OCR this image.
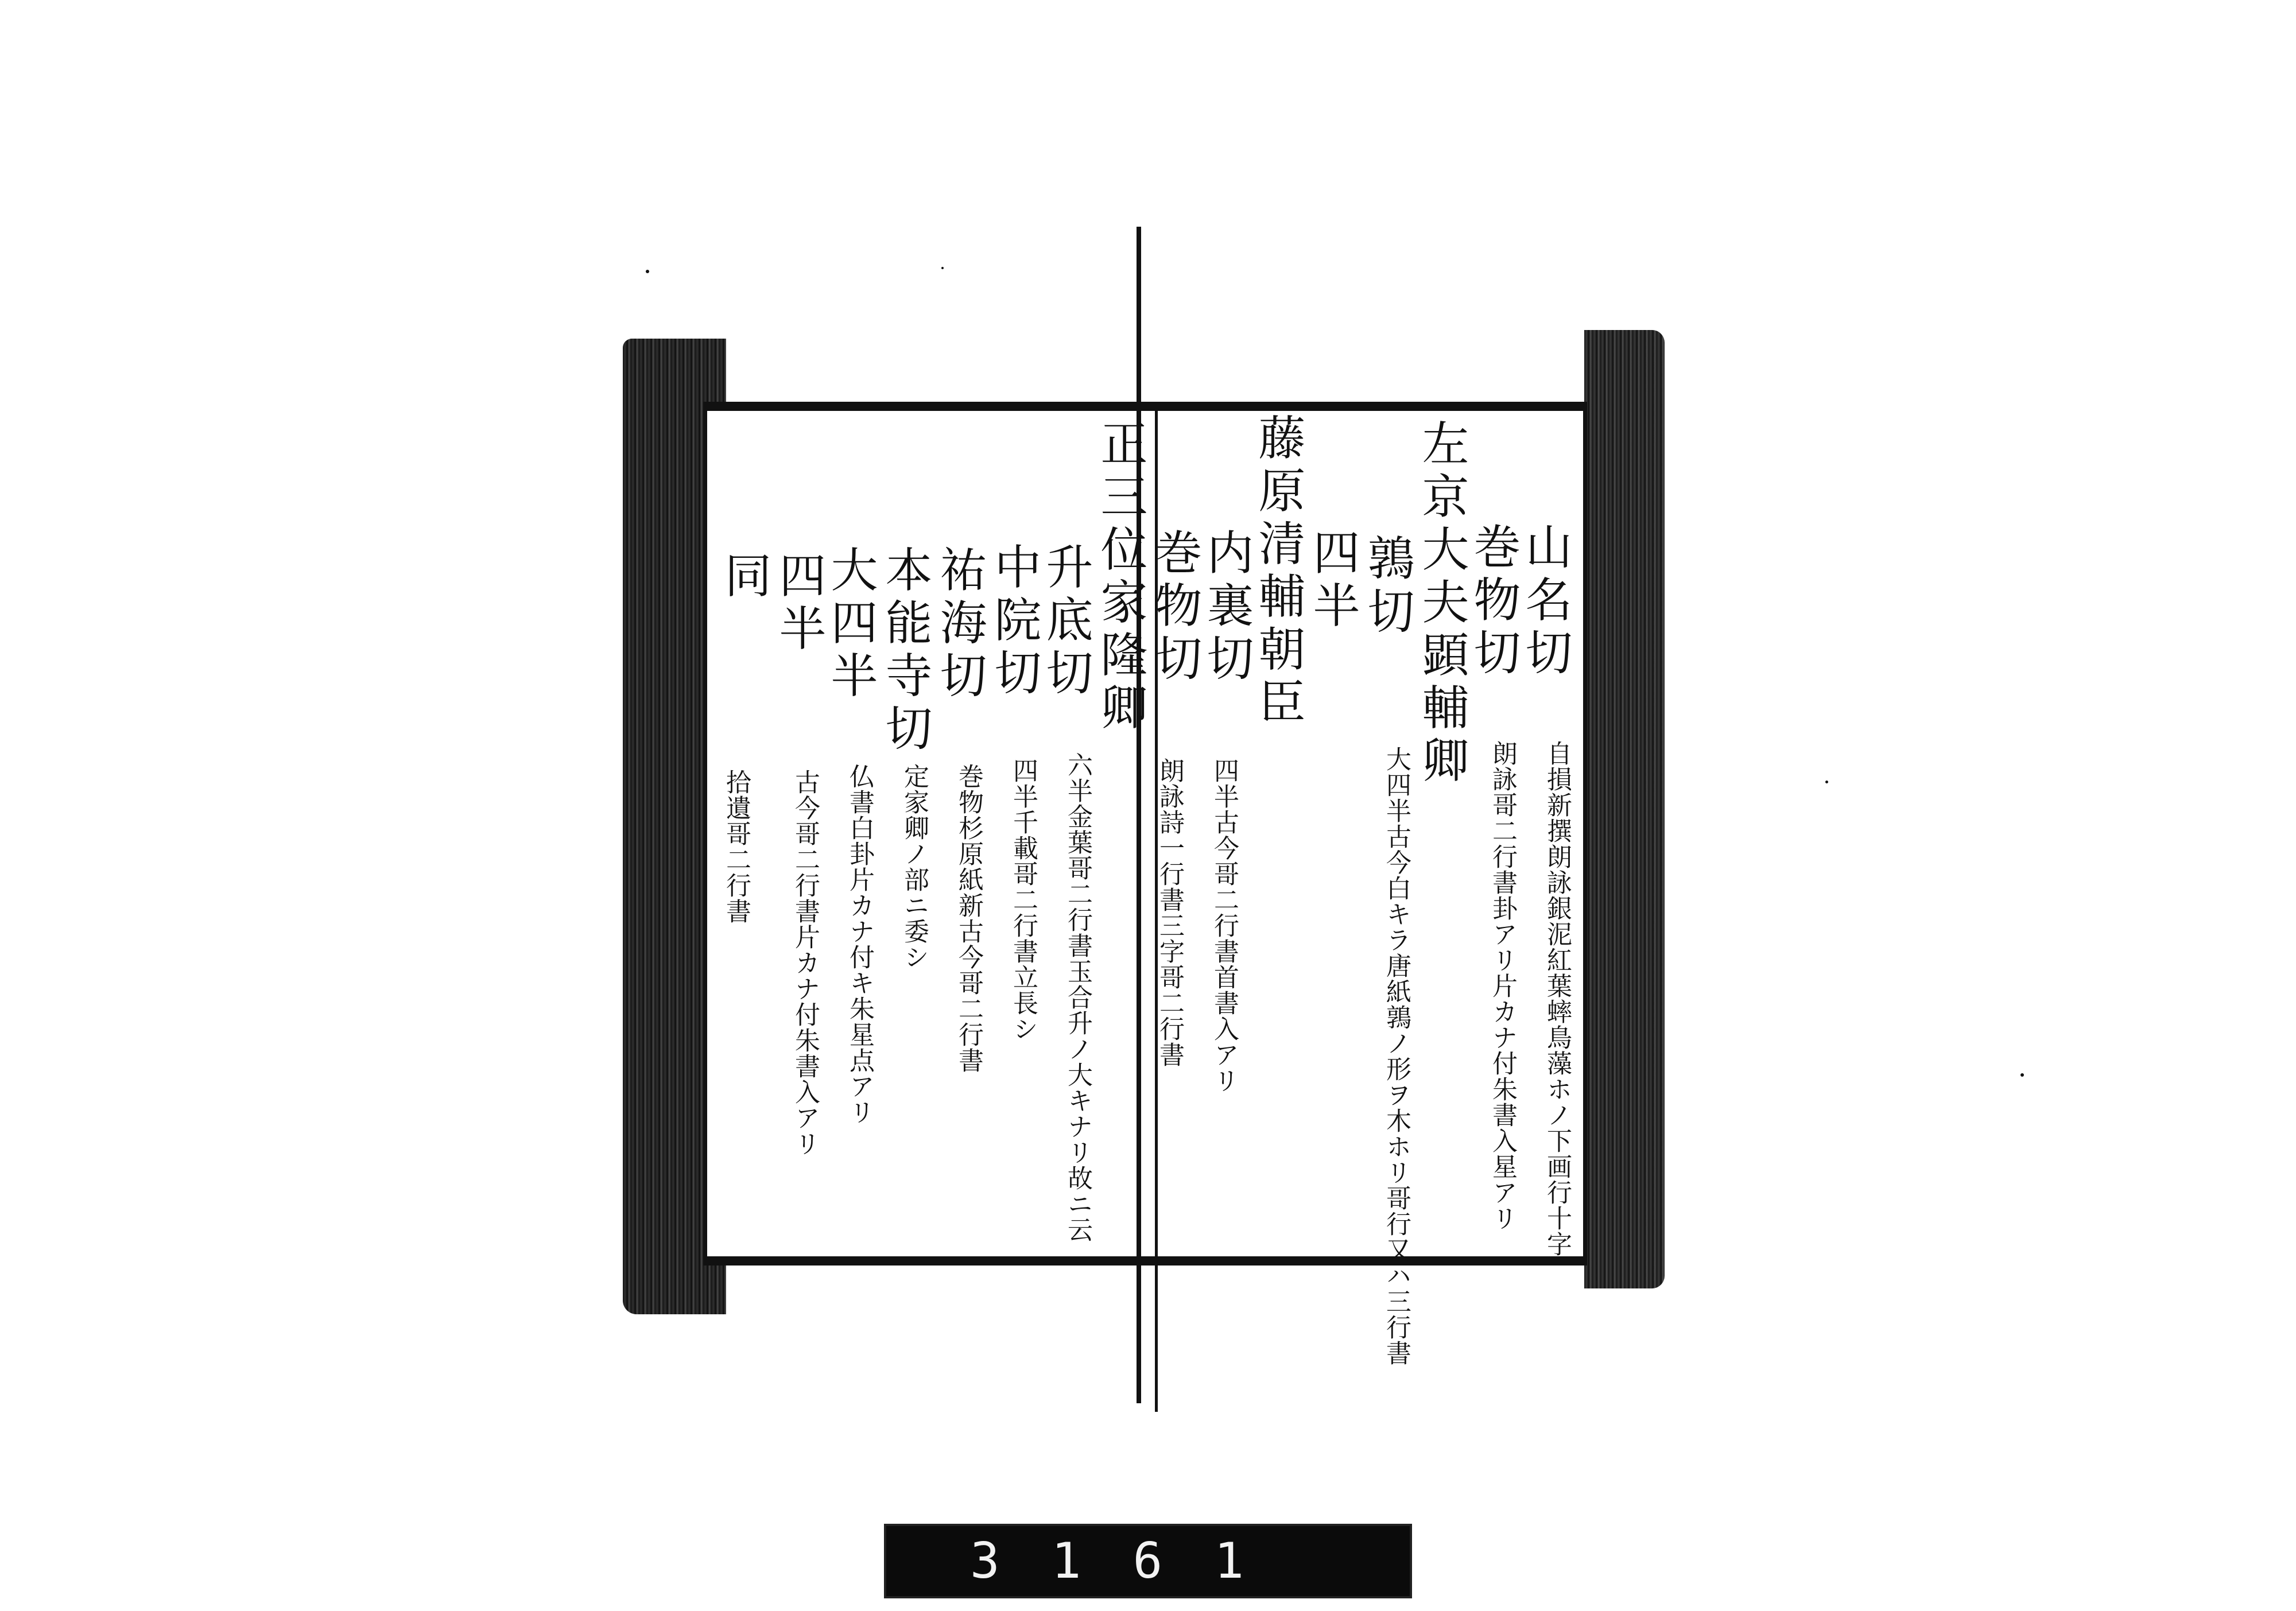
山名切
巻物切
左京大夫顕輔卿
鶉切
四半
藤原清輔朝臣
内裏切
巻物切
正三位家隆卿
升底切
中院切
祐海切
本能寺切
大四半
四半
同
自損新撰朗詠銀泥紅葉蟀鳥藻ホノ下画行十字
朗詠哥二行書卦アリ片カナ付朱書入星アリ
大四半古今白キラ唐紙鶉ノ形ヲ木ホリ哥行又ハ三行書
朗詠詩一行書三字哥二行書 四半古今哥二行書首書入アリ
六半金葉哥二行書玉合升ノ大キナリ故ニ云
四半千載哥二行書立長シ
巻物杉原紙新古今哥二行書
定家卿ノ部ニ委シ
仏書白卦片カナ付キ朱星点アリ
古今哥二行書片カナ付朱書入アリ
拾遺哥二行書
3161
